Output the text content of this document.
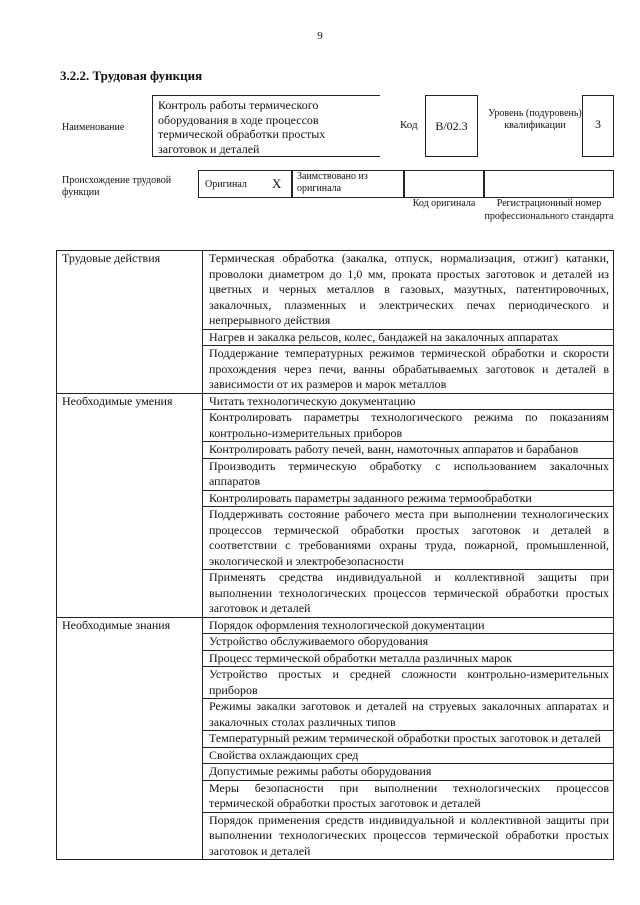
9
3.2.2. Трудовая функция
Наименование
Контроль работы термического оборудования в ходе процессов термической обработки простых заготовок и деталей
Код	В/02.3
Уровень (подуровень) квалификации	3
Происхождение трудовой функции
Оригинал Х Заимствовано из оригинала
Код оригинала	Регистрационный номер профессионального стандарта
Трудовые действия	Термическая обработка (закалка, отпуск, нормализация, отжиг) катанки, проволоки диаметром до 1,0 мм, проката простых заготовок и деталей из цветных и черных металлов в газовых, мазутных, патентировочных, закалочных, плазменных и электрических печах периодического и непрерывного действия
	Нагрев и закалка рельсов, колес, бандажей на закалочных аппаратах
	Поддержание температурных режимов термической обработки и скорости прохождения через печи, ванны обрабатываемых заготовок и деталей в зависимости от их размеров и марок металлов
Необходимые умения	Читать технологическую документацию
	Контролировать параметры технологического режима по показаниям контрольно-измерительных приборов
	Контролировать работу печей, ванн, намоточных аппаратов и барабанов
	Производить термическую обработку с использованием закалочных аппаратов
	Контролировать параметры заданного режима термообработки
	Поддерживать состояние рабочего места при выполнении технологических процессов термической обработки простых заготовок и деталей в соответствии с требованиями охраны труда, пожарной, промышленной, экологической и электробезопасности
	Применять средства индивидуальной и коллективной защиты при выполнении технологических процессов термической обработки простых заготовок и деталей
Необходимые знания	Порядок оформления технологической документации
	Устройство обслуживаемого оборудования
	Процесс термической обработки металла различных марок
	Устройство простых и средней сложности контрольно-измерительных приборов
	Режимы закалки заготовок и деталей на струевых закалочных аппаратах и закалочных столах различных типов
	Температурный режим термической обработки простых заготовок и деталей
	Свойства охлаждающих сред
	Допустимые режимы работы оборудования
	Меры безопасности при выполнении технологических процессов термической обработки простых заготовок и деталей
	Порядок применения средств индивидуальной и коллективной защиты при выполнении технологических процессов термической обработки простых заготовок и деталей
